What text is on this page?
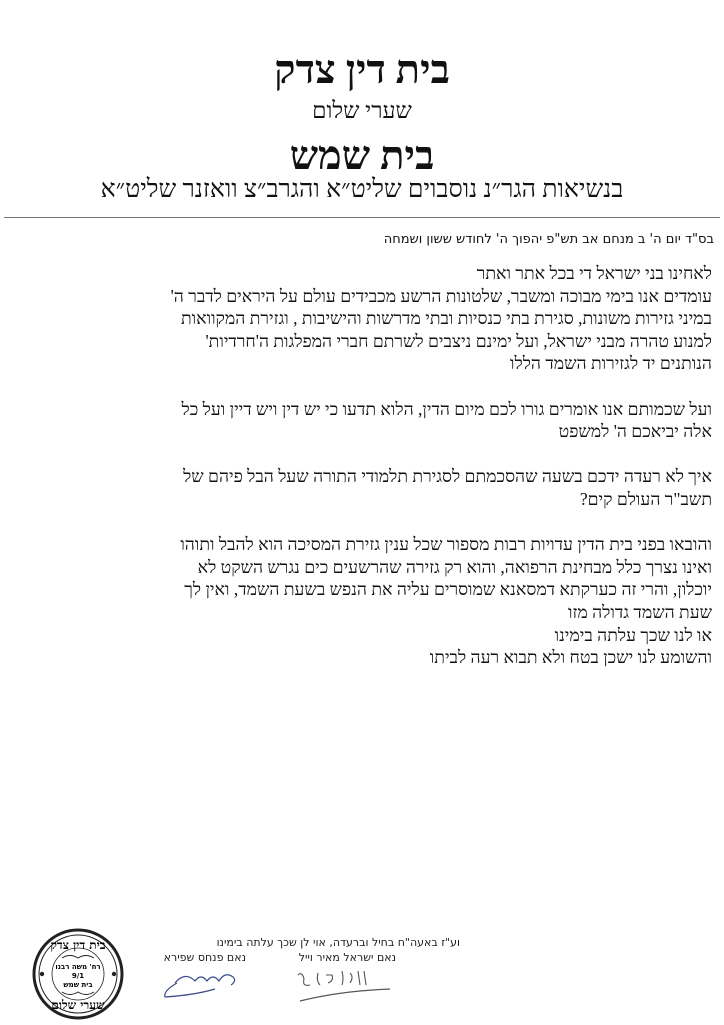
בית דין צדק
שערי שלום
בית שמש
בנשיאות הגר״נ נוסבוים שליט״א והגרב״צ וואזנר שליט״א
בס"ד יום ה' ב מנחם אב תש"פ יהפוך ה' לחודש ששון ושמחה
לאחינו בני ישראל די בכל אתר ואתר
עומדים אנו בימי מבוכה ומשבר, שלטונות הרשע מכבידים עולם על היראים לדבר ה'
במיני גזירות משונות, סגירת בתי כנסיות ובתי מדרשות והישיבות , וגזירת המקוואות
למנוע טהרה מבני ישראל, ועל ימינם ניצבים לשרתם חברי המפלגות ה'חרדיות'
הנותנים יד לגזירות השמד הללו
ועל שכמותם אנו אומרים גורו לכם מיום הדין, הלוא תדעו כי יש דין ויש דיין ועל כל
אלה יביאכם ה' למשפט
איך לא רעדה ידכם בשעה שהסכמתם לסגירת תלמודי התורה שעל הבל פיהם של
תשב"ר העולם קים?
והובאו בפני בית הדין עדויות רבות מספור שכל ענין גזירת המסיכה הוא להבל ותוהו
ואינו נצרך כלל מבחינת הרפואה, והוא רק גזירה שהרשעים כים נגרש השקט לא
יוכלון, והרי זה כערקתא דמסאנא שמוסרים עליה את הנפש בשעת השמד, ואין לך
שעת השמד גדולה מזו
או לנו שכך עלתה בימינו
והשומע לנו ישכן בטח ולא תבוא רעה לביתו
וע"ז באעה"ח בחיל וברעדה, אוי לן שכך עלתה בימינו
נאם ישראל מאיר וייל
נאם פנחס שפירא
בית דין צדק
רח' משה רבנו
9/1
בית שמש
שערי שלום
